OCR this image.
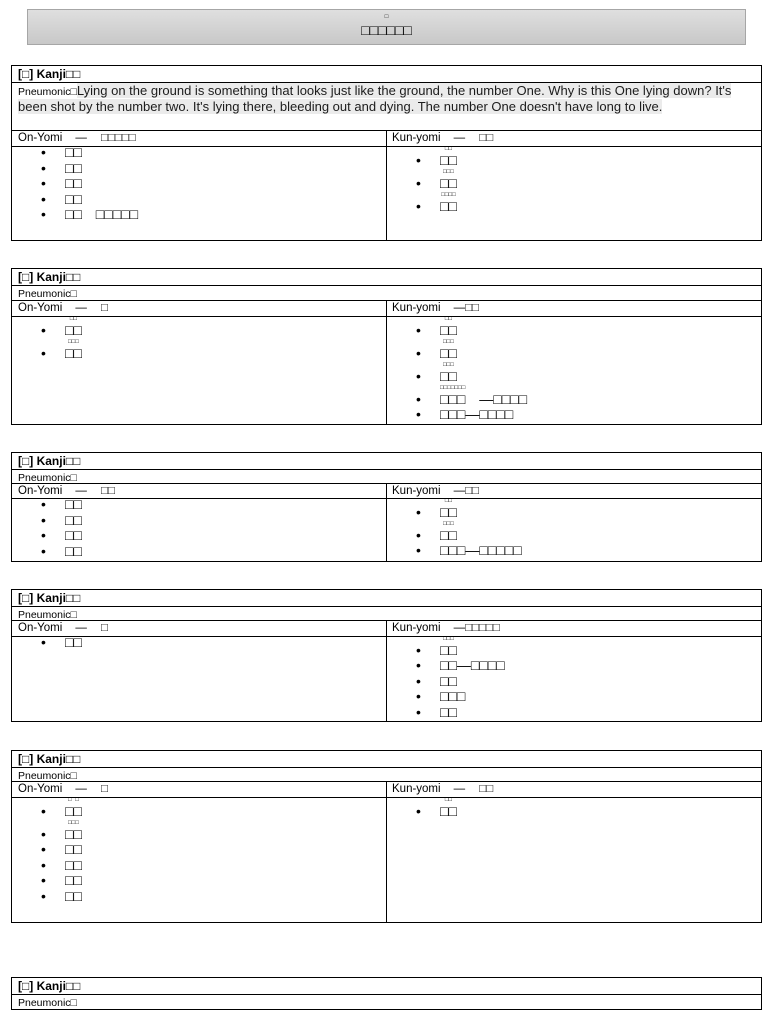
□
□□□□□□
[□] Kanji□□
Pneumonic□Lying on the ground is something that looks just like the ground, the number One. Why is this One lying down? It's been shot by the number two. It's lying there, bleeding out and dying. The number One doesn't have long to live.
On-Yomi — □□□□□	Kun-yomi — □□
• □□
• □□
• □□
• □□
• □□ □□□□□
• □□
□□
• □□□
□□
• □□□□
□□
[□] Kanji□□
Pneumonic□
On-Yomi — □	Kun-yomi —□□
• □□
□□
• □□□
□□
• □□
□□
• □□□
□□
• □□□
□□
• □□□□□□□
□□□ —□□□□
• □□□—□□□□
[□] Kanji□□
Pneumonic□
On-Yomi — □□	Kun-yomi —□□
• □□
• □□
• □□
• □□
• □□
□□
• □□□
□□
• □□□—□□□□□
[□] Kanji□□
Pneumonic□
On-Yomi — □	Kun-yomi —□□□□□
• □□
•	□□□
□□
• □□—□□□□
• □□
• □□□
• □□
[□] Kanji□□
Pneumonic□
On-Yomi — □	Kun-yomi — □□
• □ □
□□
• □□□
□□
• □□
• □□
• □□
• □□
• □□
□□
[□] Kanji□□
Pneumonic□
